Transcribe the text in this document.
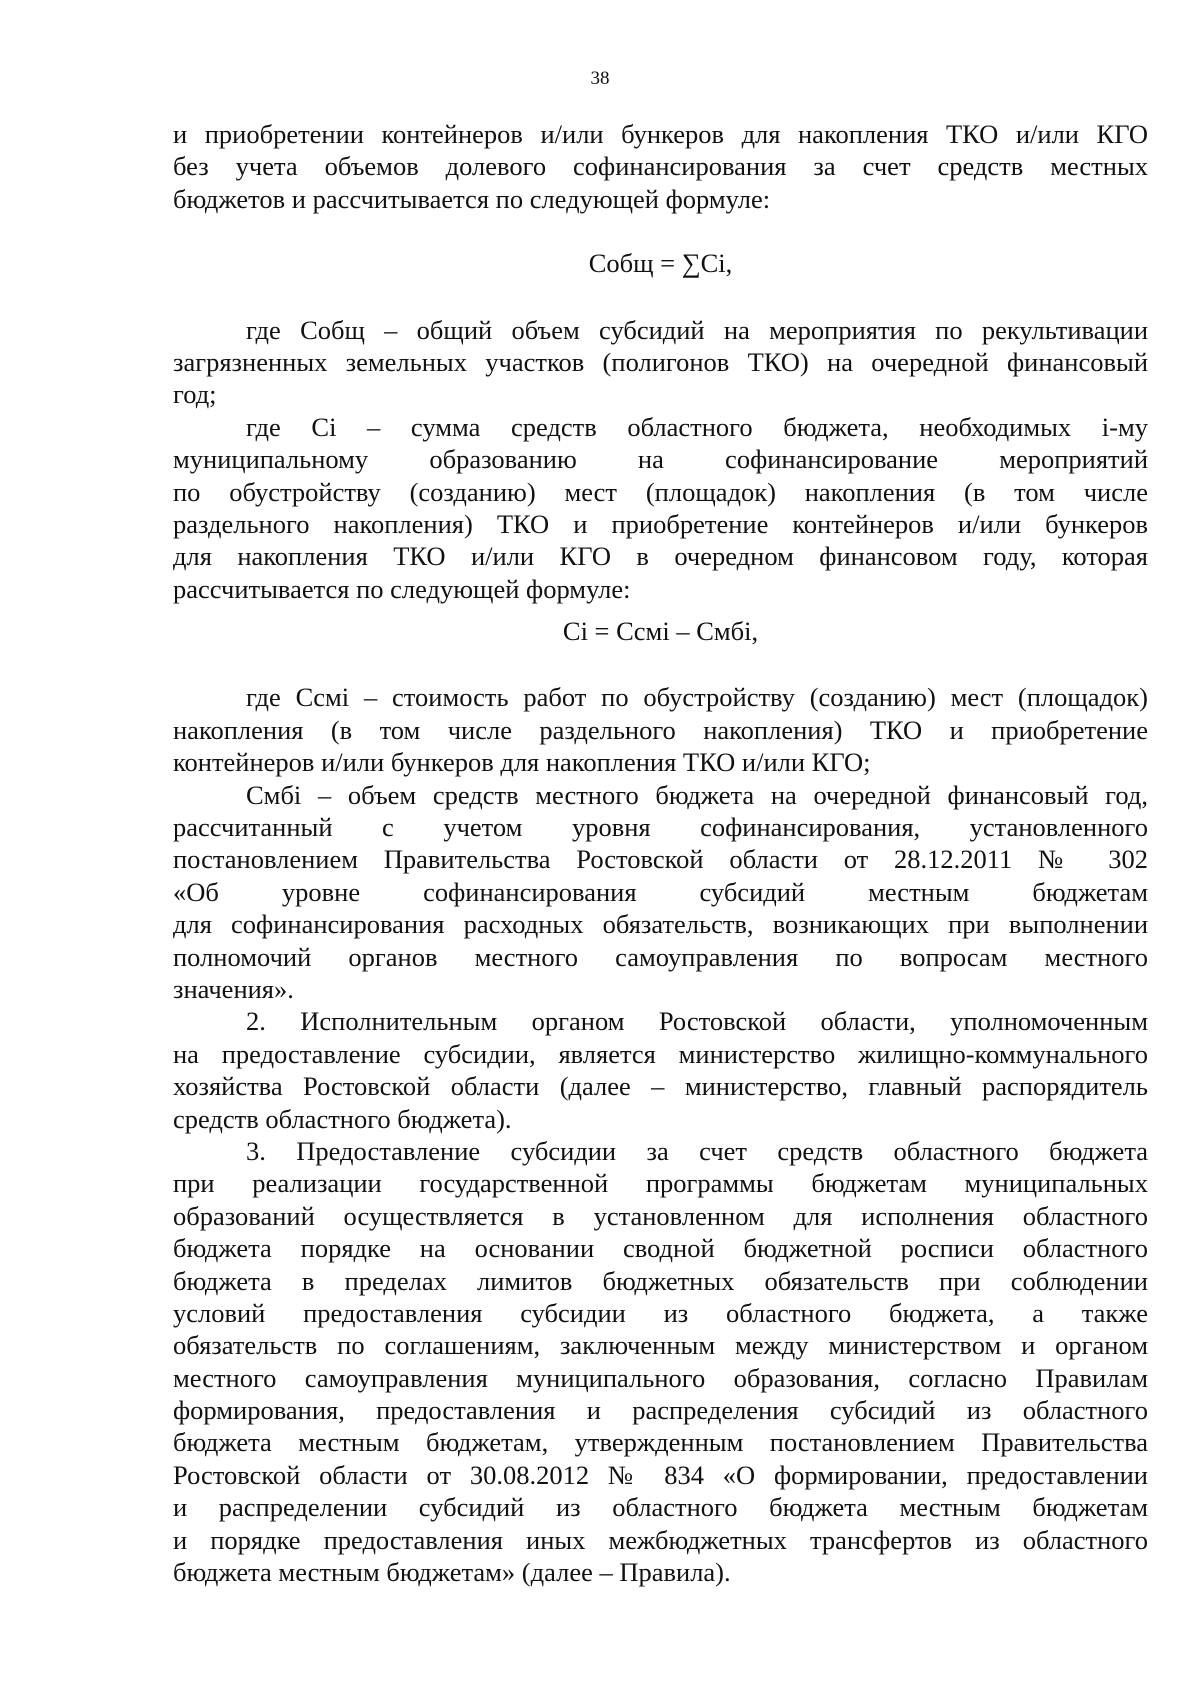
38
и приобретении контейнеров и/или бункеров для накопления ТКО и/или КГО
без учета объемов долевого софинансирования за счет средств местных
бюджетов и рассчитывается по следующей формуле:
Собщ = ∑Ci,
где Собщ – общий объем субсидий на мероприятия по рекультивации
загрязненных земельных участков (полигонов ТКО) на очередной финансовый
год;
где Ci – сумма средств областного бюджета, необходимых i-му
муниципальному образованию на софинансирование мероприятий
по обустройству (созданию) мест (площадок) накопления (в том числе
раздельного накопления) ТКО и приобретение контейнеров и/или бункеров
для накопления ТКО и/или КГО в очередном финансовом году, которая
рассчитывается по следующей формуле:
Ci = Ccмi – Смбi,
где Ccмi – стоимость работ по обустройству (созданию) мест (площадок)
накопления (в том числе раздельного накопления) ТКО и приобретение
контейнеров и/или бункеров для накопления ТКО и/или КГО;
Смбi – объем средств местного бюджета на очередной финансовый год,
рассчитанный с учетом уровня софинансирования, установленного
постановлением Правительства Ростовской области от 28.12.2011 № 302
«Об уровне софинансирования субсидий местным бюджетам
для софинансирования расходных обязательств, возникающих при выполнении
полномочий органов местного самоуправления по вопросам местного
значения».
2. Исполнительным органом Ростовской области, уполномоченным
на предоставление субсидии, является министерство жилищно-коммунального
хозяйства Ростовской области (далее – министерство, главный распорядитель
средств областного бюджета).
3. Предоставление субсидии за счет средств областного бюджета
при реализации государственной программы бюджетам муниципальных
образований осуществляется в установленном для исполнения областного
бюджета порядке на основании сводной бюджетной росписи областного
бюджета в пределах лимитов бюджетных обязательств при соблюдении
условий предоставления субсидии из областного бюджета, а также
обязательств по соглашениям, заключенным между министерством и органом
местного самоуправления муниципального образования, согласно Правилам
формирования, предоставления и распределения субсидий из областного
бюджета местным бюджетам, утвержденным постановлением Правительства
Ростовской области от 30.08.2012 № 834 «О формировании, предоставлении
и распределении субсидий из областного бюджета местным бюджетам
и порядке предоставления иных межбюджетных трансфертов из областного
бюджета местным бюджетам» (далее – Правила).
